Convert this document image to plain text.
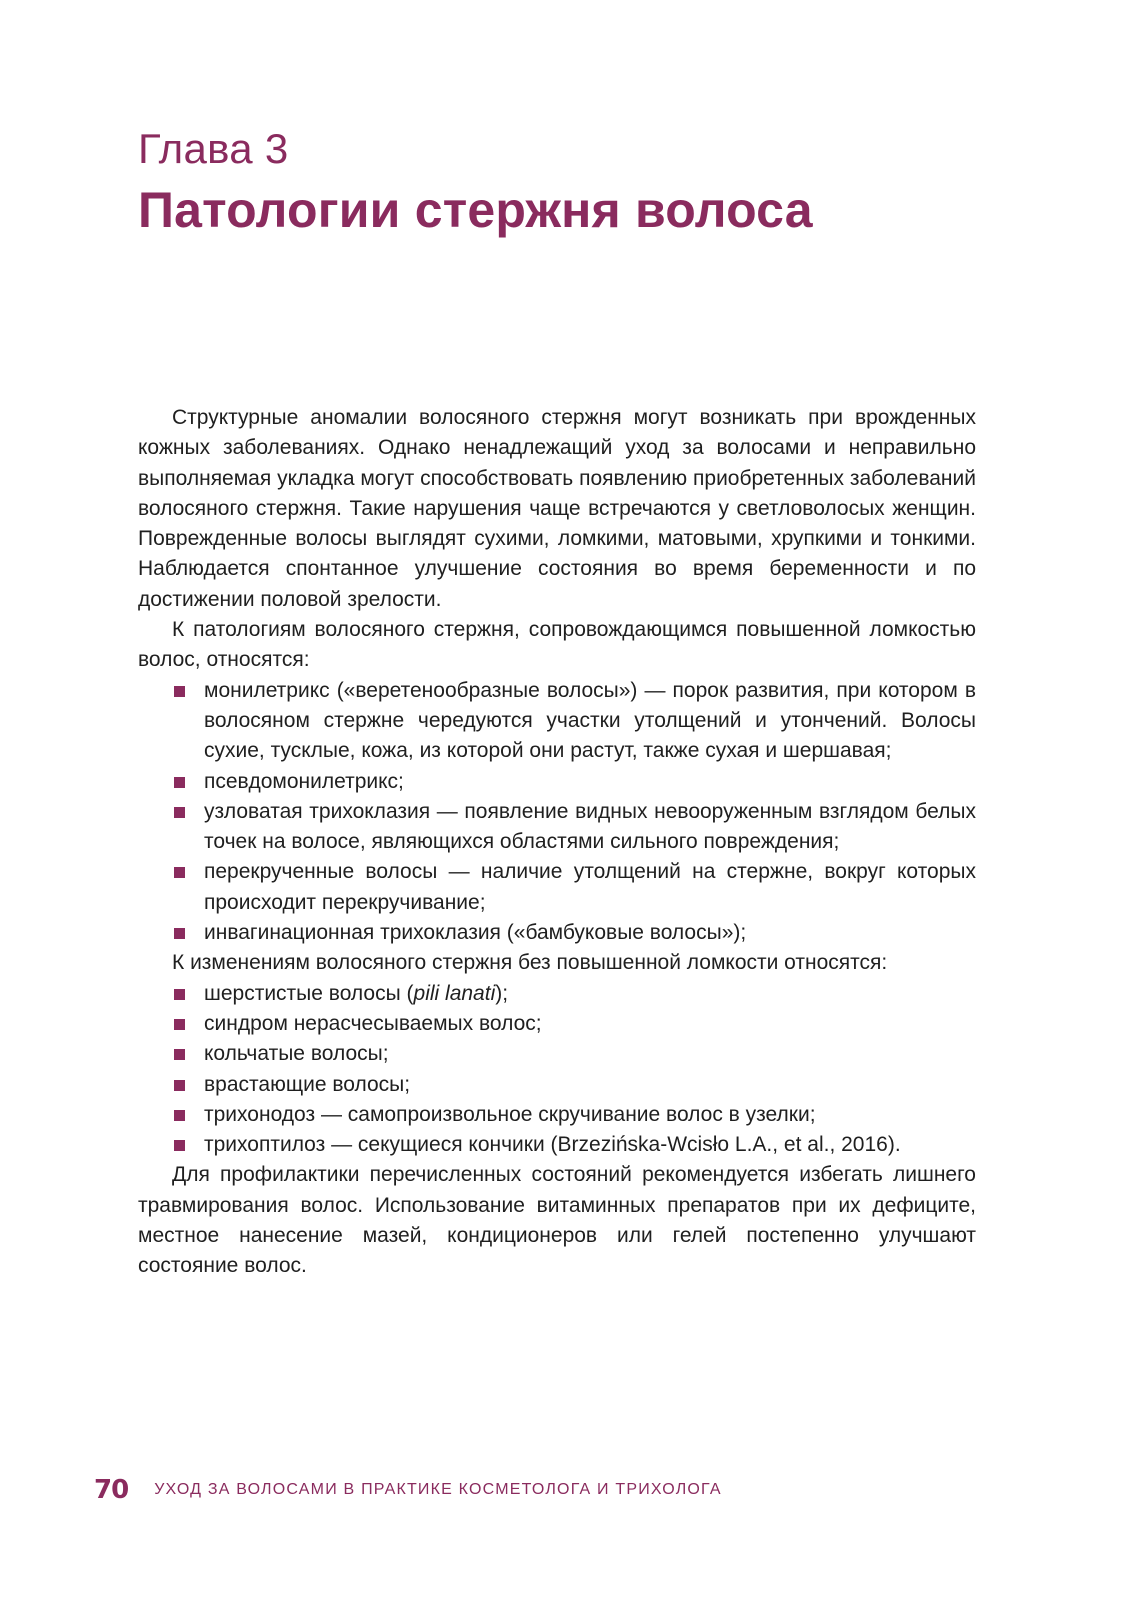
Глава 3
Патологии стержня волоса

Структурные аномалии волосяного стержня могут возникать при врожденных кожных заболеваниях. Однако ненадлежащий уход за волосами и неправильно выполняемая укладка могут способствовать появлению приобретенных заболеваний волосяного стержня. Такие нарушения чаще встречаются у светловолосых женщин. Поврежденные волосы выглядят сухими, ломкими, матовыми, хрупкими и тонкими. Наблюдается спонтанное улучшение состояния во время беременности и по достижении половой зрелости.

К патологиям волосяного стержня, сопровождающимся повышенной ломкостью волос, относятся:

монилетрикс («веретенообразные волосы») — порок развития, при котором в волосяном стержне чередуются участки утолщений и утончений. Волосы сухие, тусклые, кожа, из которой они растут, также сухая и шершавая;
псевдомонилетрикс;
узловатая трихоклазия — появление видных невооруженным взглядом белых точек на волосе, являющихся областями сильного повреждения;
перекрученные волосы — наличие утолщений на стержне, вокруг которых происходит перекручивание;
инвагинационная трихоклазия («бамбуковые волосы»);

К изменениям волосяного стержня без повышенной ломкости относятся:

шерстистые волосы (pili lanati);
синдром нерасчесываемых волос;
кольчатые волосы;
врастающие волосы;
трихонодоз — самопроизвольное скручивание волос в узелки;
трихоптилоз — секущиеся кончики (Brzezińska-Wcisło L.A., et al., 2016).

Для профилактики перечисленных состояний рекомендуется избегать лишнего травмирования волос. Использование витаминных препаратов при их дефиците, местное нанесение мазей, кондиционеров или гелей постепенно улучшают состояние волос.

70 УХОД ЗА ВОЛОСАМИ В ПРАКТИКЕ КОСМЕТОЛОГА И ТРИХОЛОГА
